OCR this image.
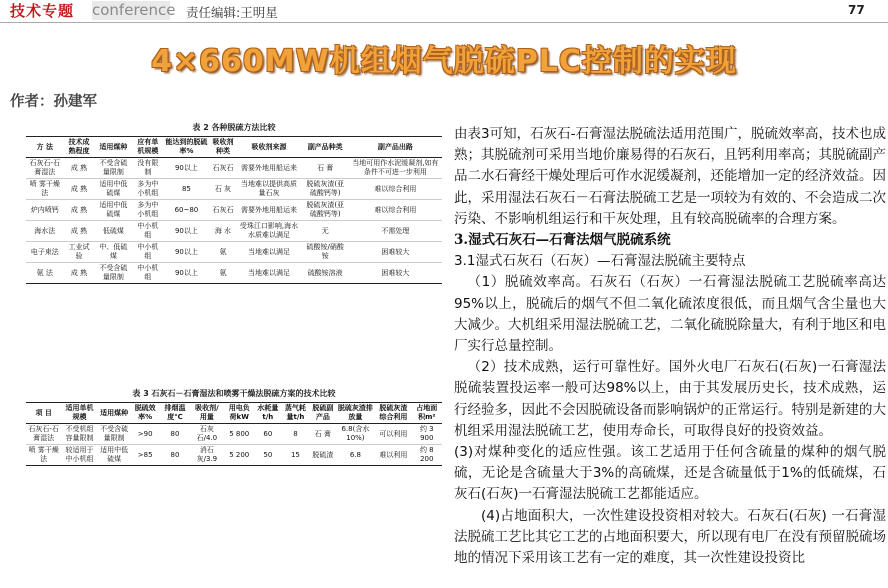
技术专题 conference 责任编辑:王明星	77
4×660MW机组烟气脱硫PLC控制的实现
作者：孙建军
表 2 各种脱硫方法比较
方 法	技术成熟程度	适用煤种	应有单机规模	能达到的脱硫率%	吸收剂种类	吸收剂来源	副产品种类	副产品出路
石灰石-石膏湿法	成 熟	不受含硫量限制	没有限制	90以上	石灰石	需要外地用船运来	石 膏	当地可用作水泥缓凝剂,如有条件不可进一步利用
喷 雾干燥法	成 熟	适用中低硫煤	多为中小机组	85	石 灰	当地难以提供高质量石灰	脱硫灰渣(亚硫酸钙等)	难以综合利用
炉内喷钙	成 熟	适用中低硫煤	多为中小机组	60~80	石灰石	需要外地用船运来	脱硫灰渣(亚硫酸钙等)	难以综合利用
海水法	成 熟	低硫煤	中小机组	90以上	海 水	受珠江口影响,海水水质难以满足	无	不需处理
电子束法	工业试验	中、低硫煤	中小机组	90以上	氨	当地难以满足	硫酸铵/硝酸铵	困难较大
氨 法	成 熟	不受含硫量限制	中小机组	90以上	氨	当地难以满足	硫酸铵溶液	困难较大
表 3 石灰石－石膏湿法和喷雾干燥法脱硫方案的技术比较
项 目	适用单机规模	适用煤种	脱硫效率%	排烟温度℃	吸收剂/用量	用电负荷kW	水耗量t/h	蒸气耗量t/h	脱硫副产品	脱硫灰渣排放量	脱硫灰渣综合利用	占地面积m²
石灰石-石膏湿法	不受机组容量限制	不受含硫量限制	>90	80	石灰石/4.0	5 800	60	8	石 膏	6.8(含水10%)	可以利用	约 3 900
喷 雾干燥法	较适用于中小机组	适用中低硫煤	>85	80	消石灰/3.9	5 200	50	15	脱硫渣	6.8	难以利用	约 8 200

由表3可知，石灰石-石膏湿法脱硫法适用范围广，脱硫效率高，技术也成熟；其脱硫剂可采用当地价廉易得的石灰石，且钙利用率高；其脱硫副产品二水石膏经干燥处理后可作水泥缓凝剂，还能增加一定的经济效益。因此，采用湿法石灰石－石膏法脱硫工艺是一项较为有效的、不会造成二次污染、不影响机组运行和干灰处理，且有较高脱硫率的合理方案。

3.湿式石灰石—石膏法烟气脱硫系统

3.1湿式石灰石（石灰）—石膏湿法脱硫主要特点

（1）脱硫效率高。石灰石（石灰）一石膏湿法脱硫工艺脱硫率高达95%以上，脱硫后的烟气不但二氧化硫浓度很低，而且烟气含尘量也大大减少。大机组采用湿法脱硫工艺，二氧化硫脱除量大，有利于地区和电厂实行总量控制。

（2）技术成熟，运行可靠性好。国外火电厂石灰石(石灰)一石膏湿法脱硫装置投运率一般可达98%以上，由于其发展历史长，技术成熟，运行经验多，因此不会因脱硫设备而影响锅炉的正常运行。特别是新建的大机组采用湿法脱硫工艺，使用寿命长，可取得良好的投资效益。

(3)对煤种变化的适应性强。该工艺适用于任何含硫量的煤种的烟气脱硫，无论是含硫量大于3%的高硫煤，还是含硫量低于1%的低硫煤，石灰石(石灰)一石膏湿法脱硫工艺都能适应。

(4)占地面积大，一次性建设投资相对较大。石灰石(石灰) 一石膏湿法脱硫工艺比其它工艺的占地面积要大，所以现有电厂在没有预留脱硫场地的情况下采用该工艺有一定的难度，其一次性建设投资比
